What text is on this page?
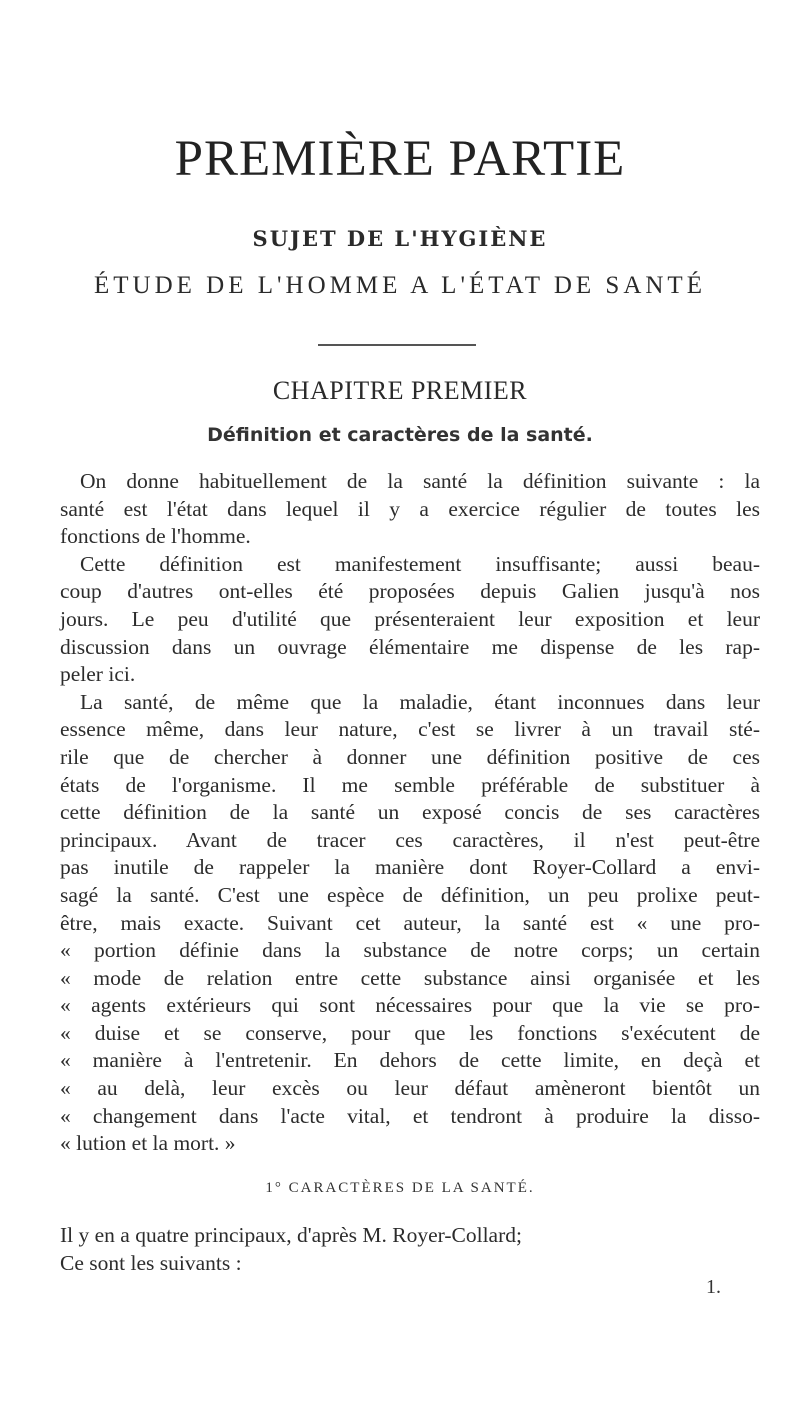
PREMIÈRE PARTIE
SUJET DE L'HYGIÈNE
ÉTUDE DE L'HOMME A L'ÉTAT DE SANTÉ
CHAPITRE PREMIER
Définition et caractères de la santé.
On donne habituellement de la santé la définition suivante : la
santé est l'état dans lequel il y a exercice régulier de toutes les
fonctions de l'homme.
Cette définition est manifestement insuffisante; aussi beau-
coup d'autres ont-elles été proposées depuis Galien jusqu'à nos
jours. Le peu d'utilité que présenteraient leur exposition et leur
discussion dans un ouvrage élémentaire me dispense de les rap-
peler ici.
La santé, de même que la maladie, étant inconnues dans leur
essence même, dans leur nature, c'est se livrer à un travail sté-
rile que de chercher à donner une définition positive de ces
états de l'organisme. Il me semble préférable de substituer à
cette définition de la santé un exposé concis de ses caractères
principaux. Avant de tracer ces caractères, il n'est peut-être
pas inutile de rappeler la manière dont Royer-Collard a envi-
sagé la santé. C'est une espèce de définition, un peu prolixe peut-
être, mais exacte. Suivant cet auteur, la santé est « une pro-
« portion définie dans la substance de notre corps; un certain
« mode de relation entre cette substance ainsi organisée et les
« agents extérieurs qui sont nécessaires pour que la vie se pro-
« duise et se conserve, pour que les fonctions s'exécutent de
« manière à l'entretenir. En dehors de cette limite, en deçà et
« au delà, leur excès ou leur défaut amèneront bientôt un
« changement dans l'acte vital, et tendront à produire la disso-
« lution et la mort. »
1° CARACTÈRES DE LA SANTÉ.
Il y en a quatre principaux, d'après M. Royer-Collard;
Ce sont les suivants :
1.
